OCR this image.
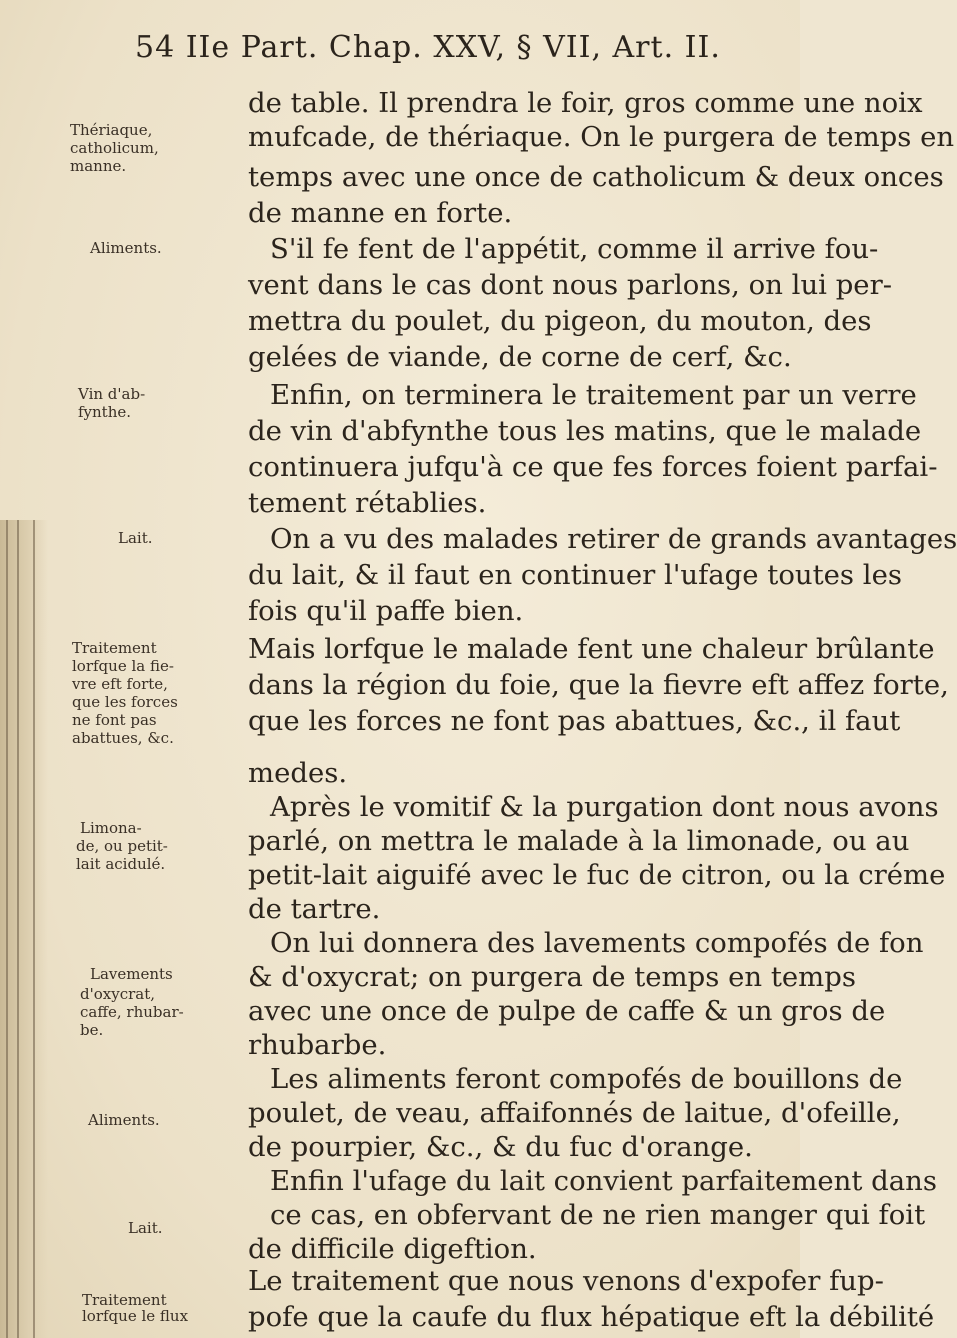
54 IIe Part. Chap. XXV, § VII, Art. II.
de table. Il prendra le foir, gros comme une noix
mufcade, de thériaque. On le purgera de temps en
temps avec une once de catholicum & deux onces
de manne en forte.
S'il fe fent de l'appétit, comme il arrive fou-
vent dans le cas dont nous parlons, on lui per-
mettra du poulet, du pigeon, du mouton, des
gelées de viande, de corne de cerf, &c.
Enfin, on terminera le traitement par un verre
de vin d'abfynthe tous les matins, que le malade
continuera jufqu'à ce que fes forces foient parfai-
tement rétablies.
On a vu des malades retirer de grands avantages
du lait, & il faut en continuer l'ufage toutes les
fois qu'il paffe bien.
Mais lorfque le malade fent une chaleur brûlante
dans la région du foie, que la fievre eft affez forte,
que les forces ne font pas abattues, &c., il faut
medes.
Après le vomitif & la purgation dont nous avons
parlé, on mettra le malade à la limonade, ou au
petit-lait aiguifé avec le fuc de citron, ou la créme
de tartre.
On lui donnera des lavements compofés de fon
& d'oxycrat; on purgera de temps en temps
avec une once de pulpe de caffe & un gros de
rhubarbe.
Les aliments feront compofés de bouillons de
poulet, de veau, affaifonnés de laitue, d'ofeille,
de pourpier, &c., & du fuc d'orange.
Enfin l'ufage du lait convient parfaitement dans
ce cas, en obfervant de ne rien manger qui foit
de difficile digeftion.
Le traitement que nous venons d'expofer fup-
Thériaque,
catholicum,
manne.
Aliments.
Vin d'ab-
fynthe.
Lait.
Traitement
lorfque la fie-
vre eft forte,
que les forces
ne font pas
abattues, &c.
Limona-
de, ou petit-
lait acidulé.
Lavements
d'oxycrat,
caffe, rhubar-
be.
Aliments.
Lait.
Traitement
lorfque le flux pofe que la caufe du flux hépatique eft la débilité
